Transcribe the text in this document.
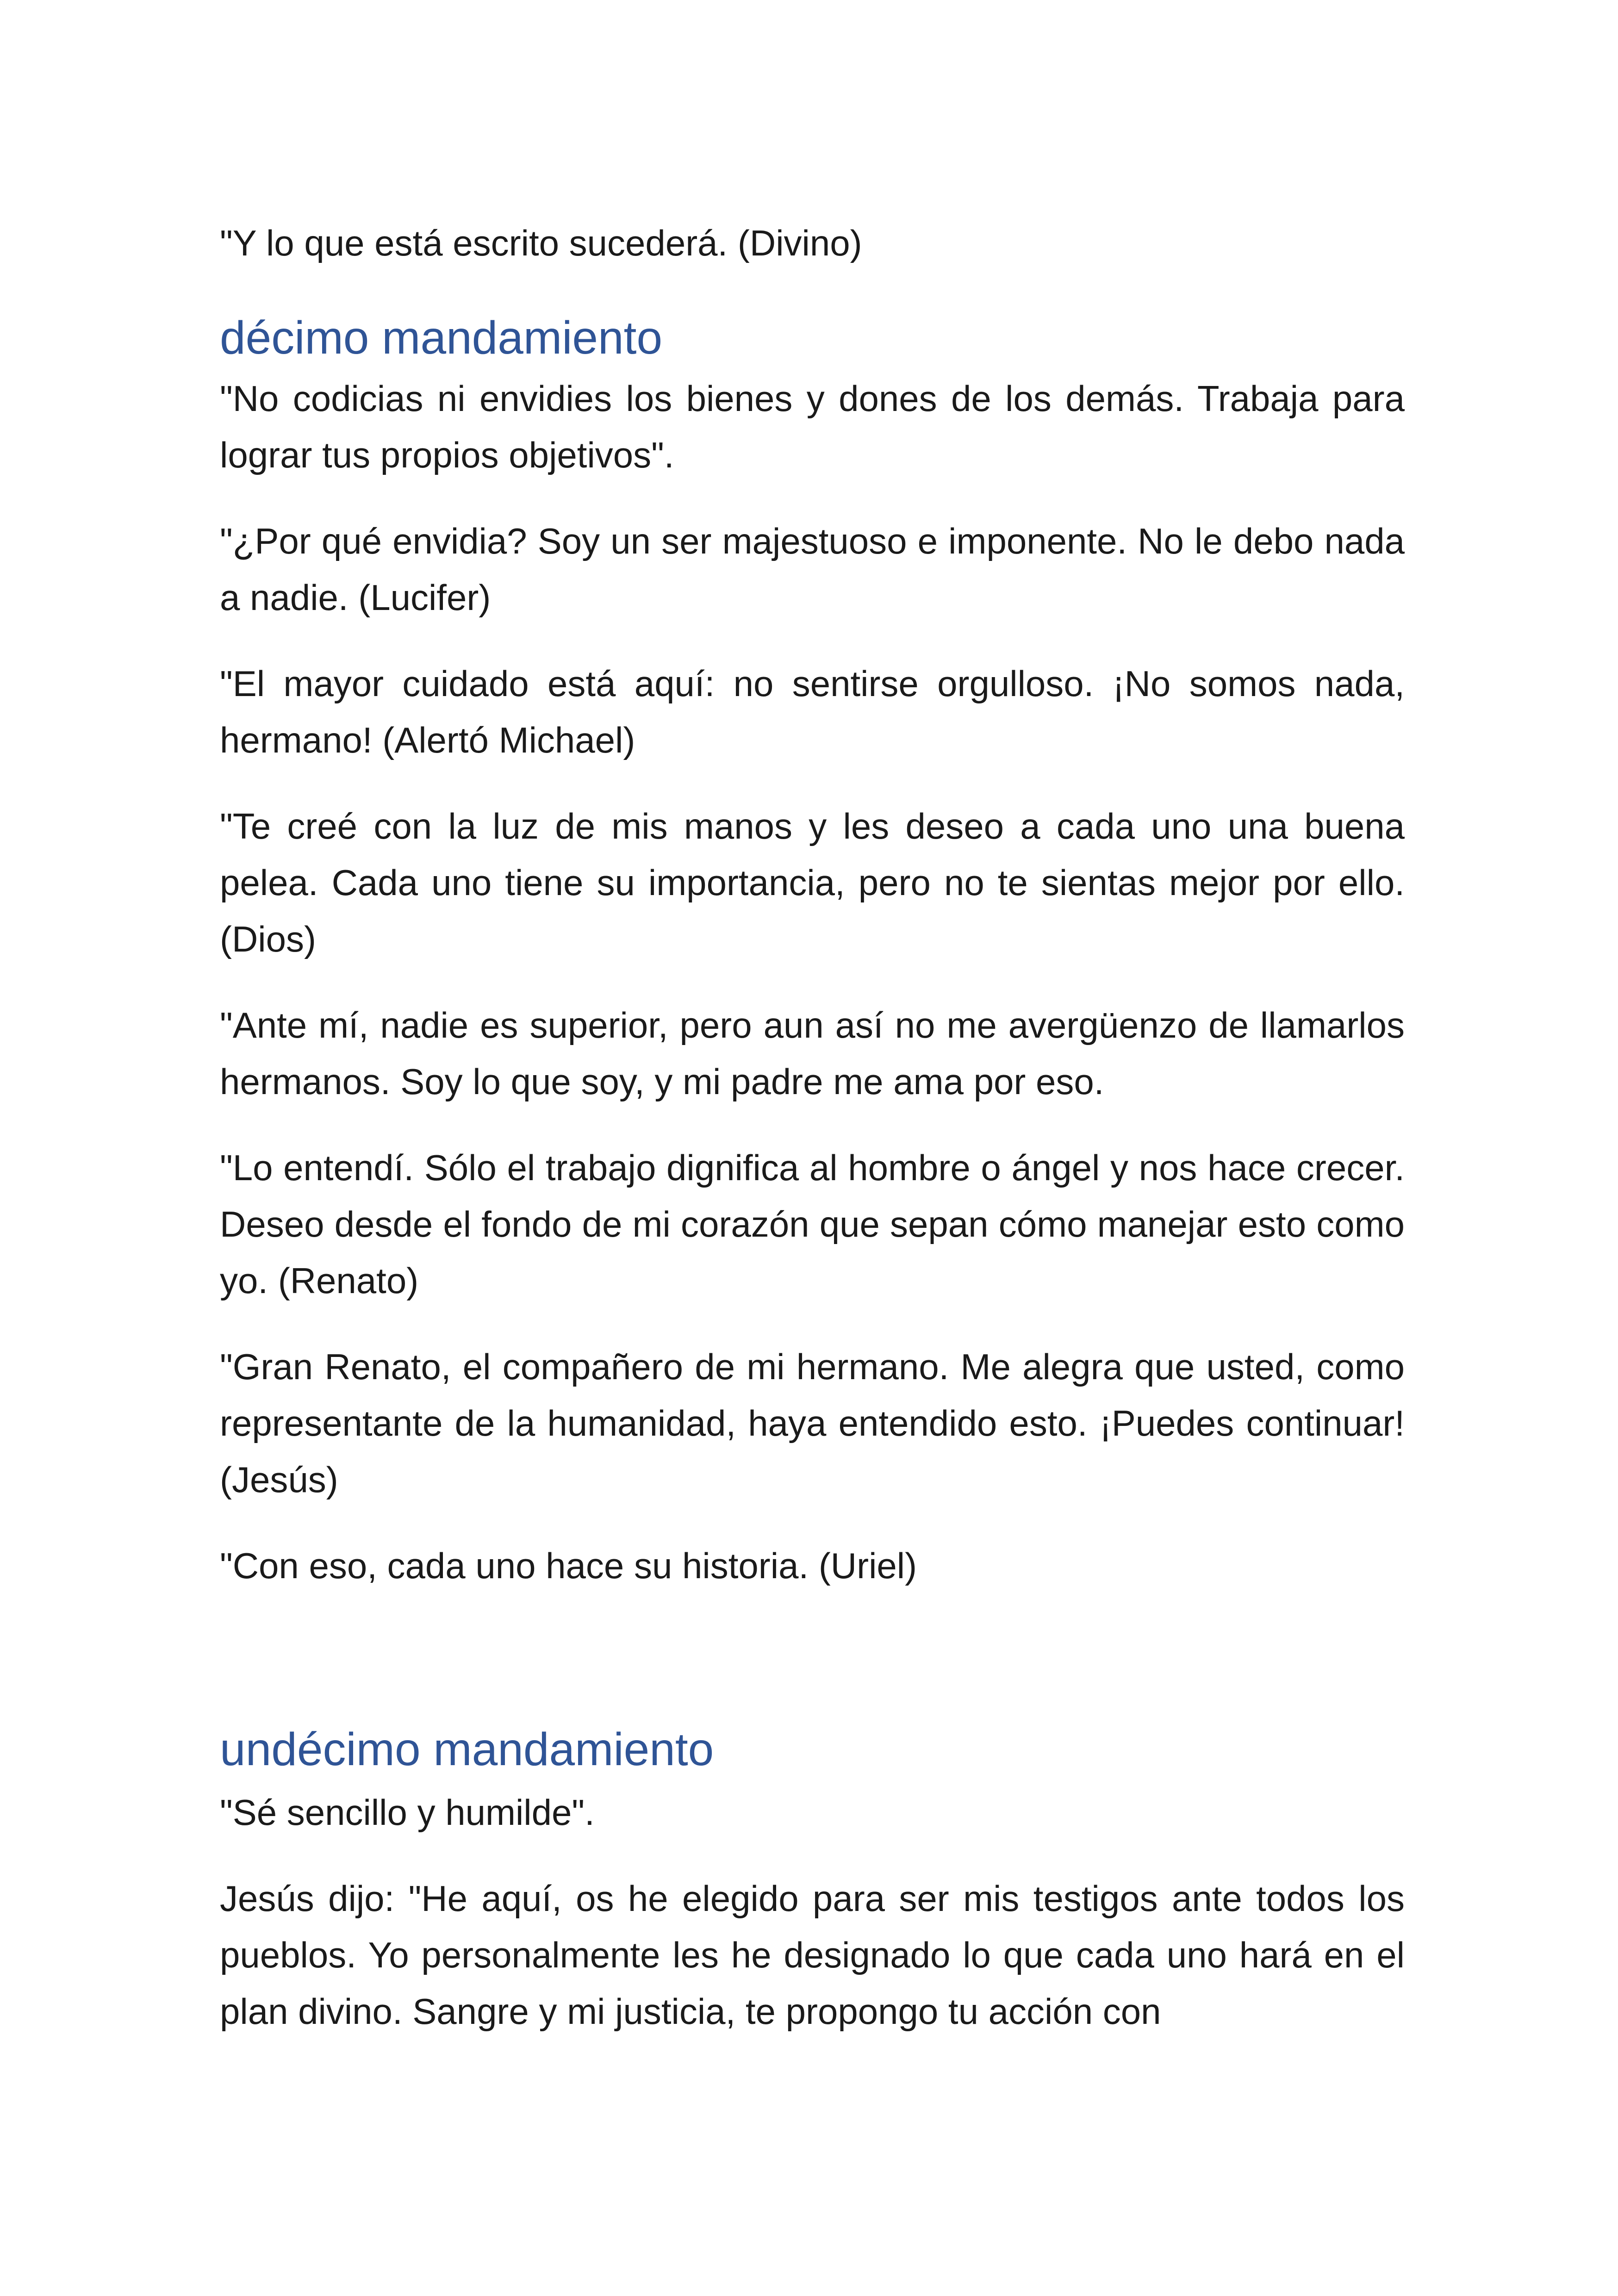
"Y lo que está escrito sucederá. (Divino)

décimo mandamiento

"No codicias ni envidies los bienes y dones de los demás. Trabaja para lograr tus propios objetivos".

"¿Por qué envidia? Soy un ser majestuoso e imponente. No le debo nada a nadie. (Lucifer)

"El mayor cuidado está aquí: no sentirse orgulloso. ¡No somos nada, hermano! (Alertó Michael)

"Te creé con la luz de mis manos y les deseo a cada uno una buena pelea. Cada uno tiene su importancia, pero no te sientas mejor por ello. (Dios)

"Ante mí, nadie es superior, pero aun así no me avergüenzo de llamarlos hermanos. Soy lo que soy, y mi padre me ama por eso.

"Lo entendí. Sólo el trabajo dignifica al hombre o ángel y nos hace crecer. Deseo desde el fondo de mi corazón que sepan cómo manejar esto como yo. (Renato)

"Gran Renato, el compañero de mi hermano. Me alegra que usted, como representante de la humanidad, haya entendido esto. ¡Puedes continuar! (Jesús)

"Con eso, cada uno hace su historia. (Uriel)

undécimo mandamiento

"Sé sencillo y humilde".

Jesús dijo: "He aquí, os he elegido para ser mis testigos ante todos los pueblos. Yo personalmente les he designado lo que cada uno hará en el plan divino. Sangre y mi justicia, te propongo tu acción con
